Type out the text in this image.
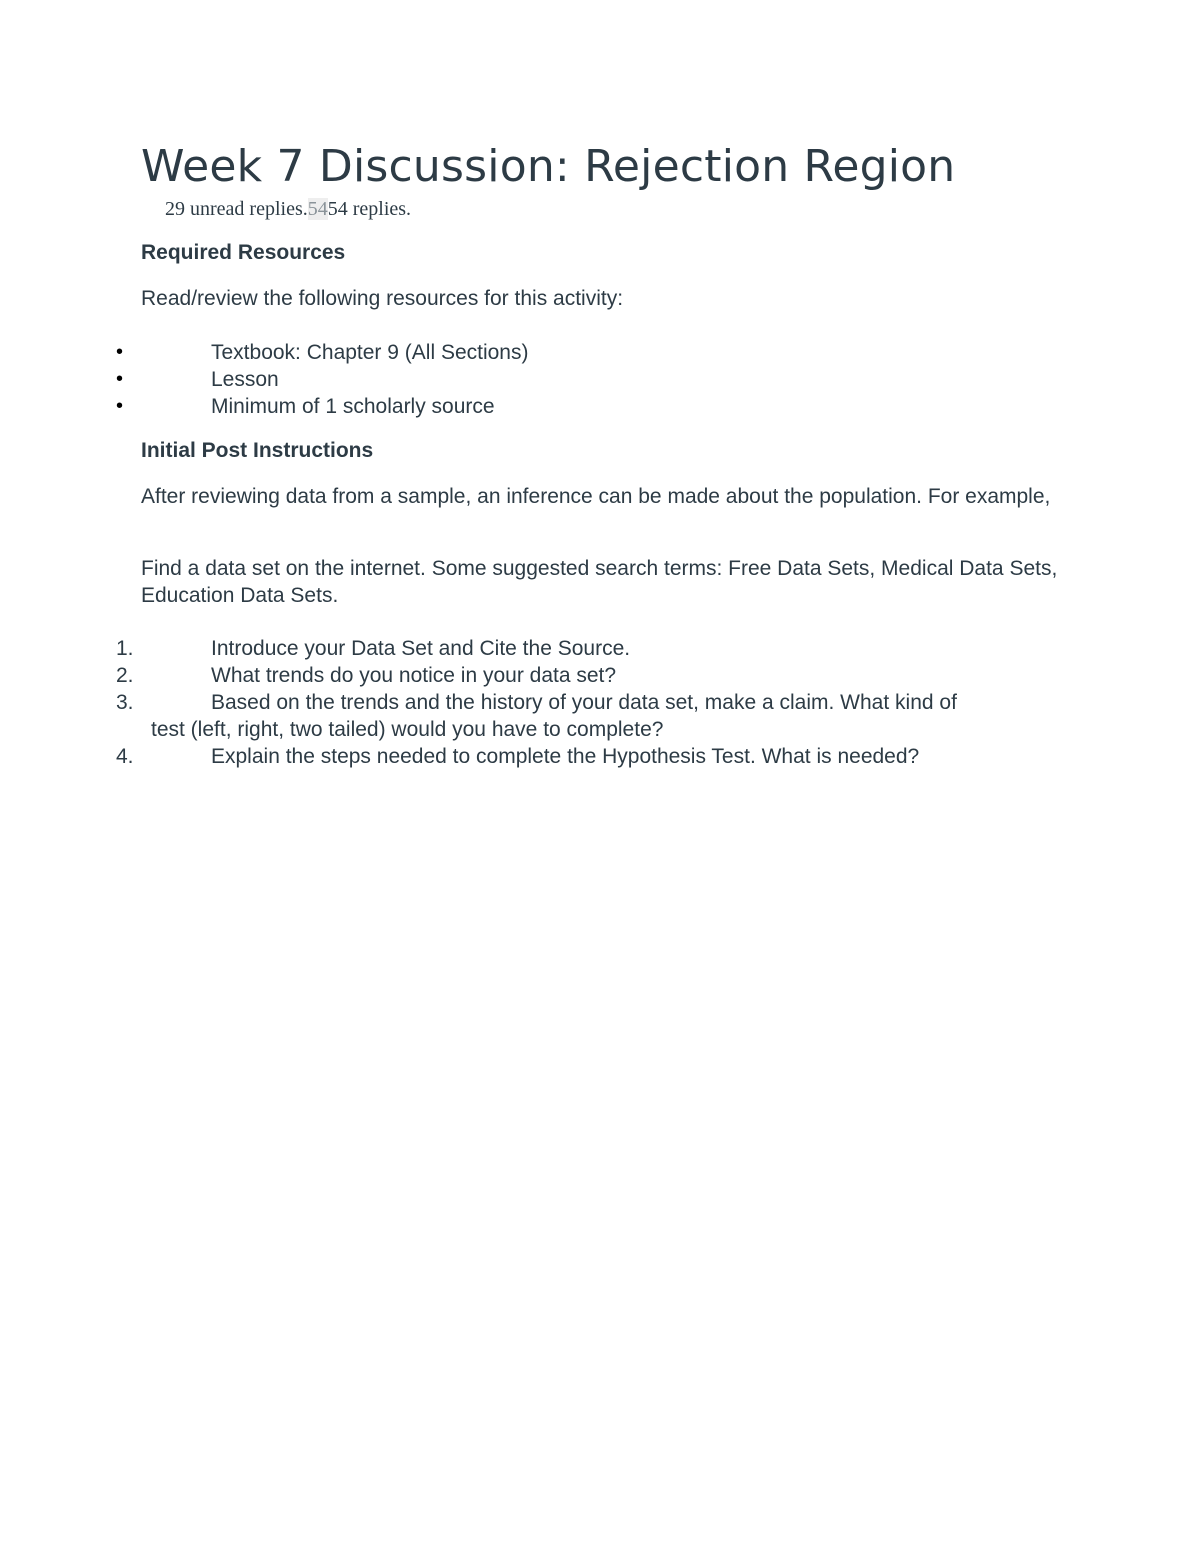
Week 7 Discussion: Rejection Region
29 unread replies.5454 replies.
Required Resources

Read/review the following resources for this activity:

•	Textbook: Chapter 9 (All Sections)
•	Lesson
•	Minimum of 1 scholarly source
Initial Post Instructions

After reviewing data from a sample, an inference can be made about the population. For example,

Find a data set on the internet. Some suggested search terms: Free Data Sets, Medical Data Sets, Education Data Sets.

1.	Introduce your Data Set and Cite the Source.
2.	What trends do you notice in your data set?
3.	Based on the trends and the history of your data set, make a claim. What kind of
test (left, right, two tailed) would you have to complete?
4.	Explain the steps needed to complete the Hypothesis Test. What is needed?
